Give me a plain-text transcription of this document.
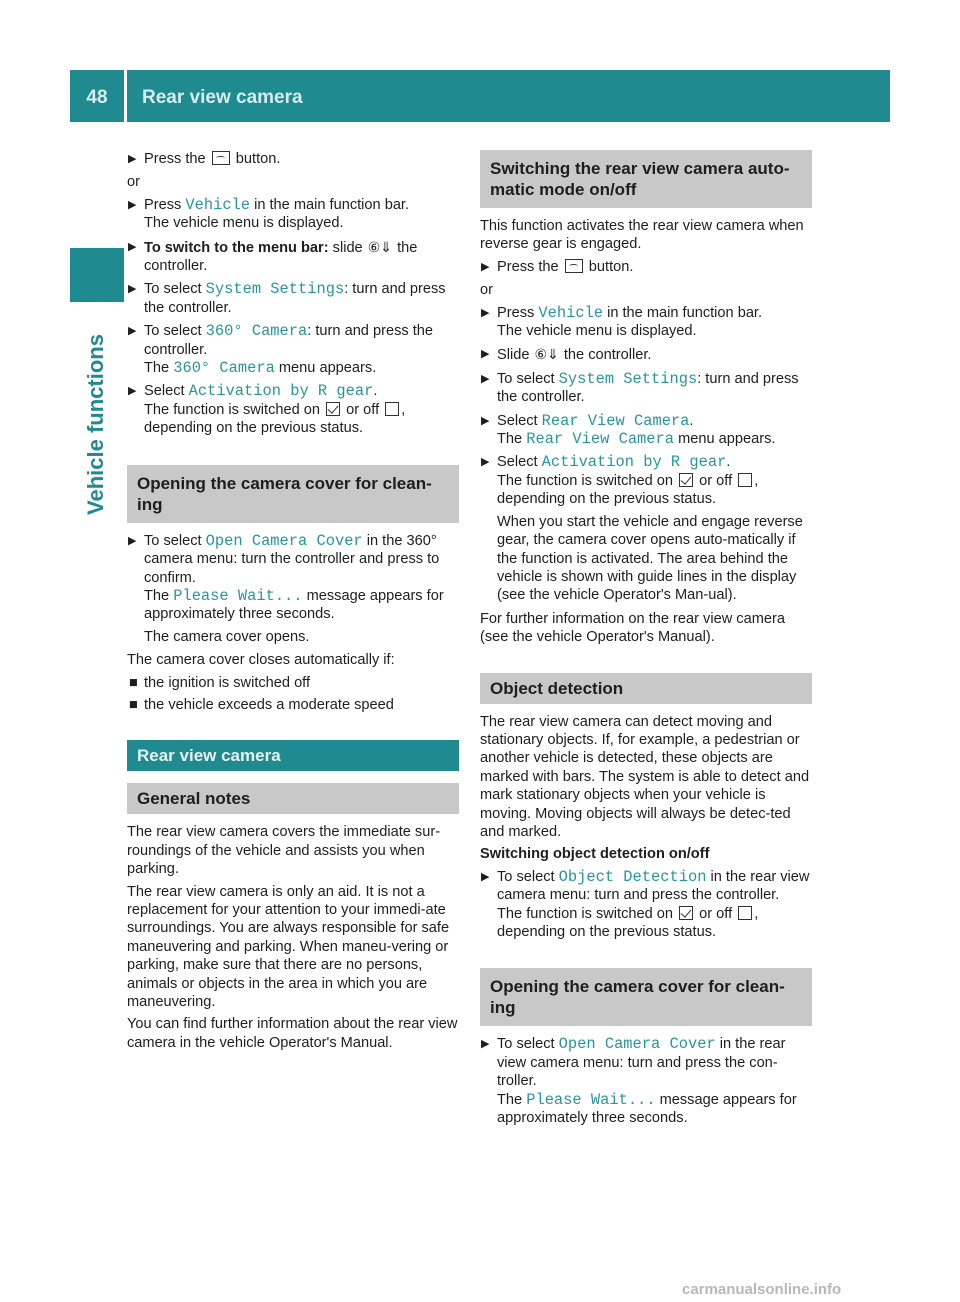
48	Rear view camera
Vehicle functions
▶ Press the button.

or

▶ Press Vehicle in the main function bar.
The vehicle menu is displayed.
▶ To switch to the menu bar: slide ⑥⇓ the controller.
▶ To select System Settings: turn and press the controller.
▶ To select 360° Camera: turn and press the controller.
The 360° Camera menu appears.
▶ Select Activation by R gear.
The function is switched on or off ,
depending on the previous status.
Opening the camera cover for clean-ing
▶ To select Open Camera Cover in the 360° camera menu: turn the controller and press to confirm.
The Please Wait... message appears for approximately three seconds.
The camera cover opens.

The camera cover closes automatically if:

■ the ignition is switched off
■ the vehicle exceeds a moderate speed
Rear view camera
General notes

The rear view camera covers the immediate sur-roundings of the vehicle and assists you when parking.

The rear view camera is only an aid. It is not a replacement for your attention to your immedi-ate surroundings. You are always responsible for safe maneuvering and parking. When maneu-vering or parking, make sure that there are no persons, animals or objects in the area in which you are maneuvering.

You can find further information about the rear view camera in the vehicle Operator's Manual.

Switching the rear view camera auto-matic mode on/off

This function activates the rear view camera when reverse gear is engaged.

▶ Press the button.

or

▶ Press Vehicle in the main function bar.
The vehicle menu is displayed.
▶ Slide ⑥⇓ the controller.
▶ To select System Settings: turn and press the controller.
▶ Select Rear View Camera.
The Rear View Camera menu appears.
▶ Select Activation by R gear.
The function is switched on or off ,
depending on the previous status.
When you start the vehicle and engage reverse gear, the camera cover opens auto-matically if the function is activated. The area behind the vehicle is shown with guide lines in the display (see the vehicle Operator's Man-ual).

For further information on the rear view camera (see the vehicle Operator's Manual).

Object detection

The rear view camera can detect moving and stationary objects. If, for example, a pedestrian or another vehicle is detected, these objects are marked with bars. The system is able to detect and mark stationary objects when your vehicle is moving. Moving objects will always be detec-ted and marked.

Switching object detection on/off

▶ To select Object Detection in the rear view camera menu: turn and press the controller.
The function is switched on or off ,
depending on the previous status.
Opening the camera cover for clean-ing
▶ To select Open Camera Cover in the rear view camera menu: turn and press the con-troller.
The Please Wait... message appears for approximately three seconds.
carmanualsonline.info
